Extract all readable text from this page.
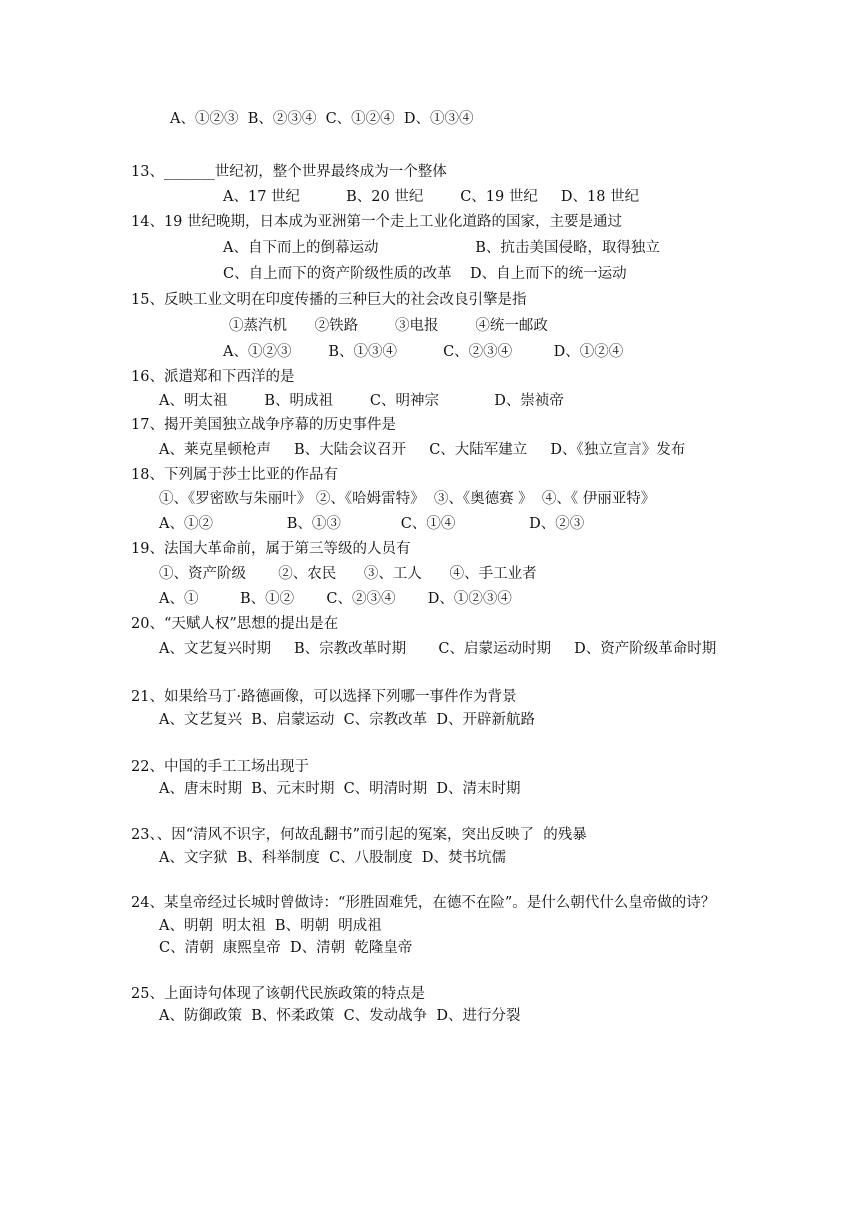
A、①②③  B、②③④  C、①②④  D、①③④
13、_______世纪初，整个世界最终成为一个整体
A、17 世纪          B、20 世纪        C、19 世纪     D、18 世纪
14、19 世纪晚期，日本成为亚洲第一个走上工业化道路的国家，主要是通过
A、自下而上的倒幕运动                     B、抗击美国侵略，取得独立
C、自上而下的资产阶级性质的改革    D、自上而下的统一运动
15、反映工业文明在印度传播的三种巨大的社会改良引擎是指
①蒸汽机      ②铁路        ③电报        ④统一邮政
A、①②③        B、①③④          C、②③④         D、①②④
16、派遣郑和下西洋的是
A、明太祖        B、明成祖        C、明神宗            D、崇祯帝
17、揭开美国独立战争序幕的历史事件是
A、莱克星顿枪声     B、大陆会议召开     C、大陆军建立     D、《独立宣言》发布
18、下列属于莎士比亚的作品有
①、《罗密欧与朱丽叶》 ②、《哈姆雷特》  ③、《奥德赛 》  ④、《 伊丽亚特》
A、①②                B、①③             C、①④                D、②③
19、法国大革命前，属于第三等级的人员有
①、资产阶级       ②、农民      ③、工人      ④、手工业者
A、①         B、①②       C、②③④       D、①②③④
20、“天赋人权”思想的提出是在
A、文艺复兴时期     B、宗教改革时期       C、启蒙运动时期     D、资产阶级革命时期
21、如果给马丁·路德画像，可以选择下列哪一事件作为背景
A、文艺复兴  B、启蒙运动  C、宗教改革  D、开辟新航路
22、中国的手工工场出现于
A、唐末时期  B、元末时期  C、明清时期  D、清末时期
23、、因“清风不识字，何故乱翻书”而引起的冤案，突出反映了  的残暴
A、文字狱  B、科举制度  C、八股制度  D、焚书坑儒
24、某皇帝经过长城时曾做诗：“形胜固难凭，在德不在险”。是什么朝代什么皇帝做的诗？
A、明朝  明太祖  B、明朝  明成祖
C、清朝  康熙皇帝  D、清朝  乾隆皇帝
25、上面诗句体现了该朝代民族政策的特点是
A、防御政策  B、怀柔政策  C、发动战争  D、进行分裂
